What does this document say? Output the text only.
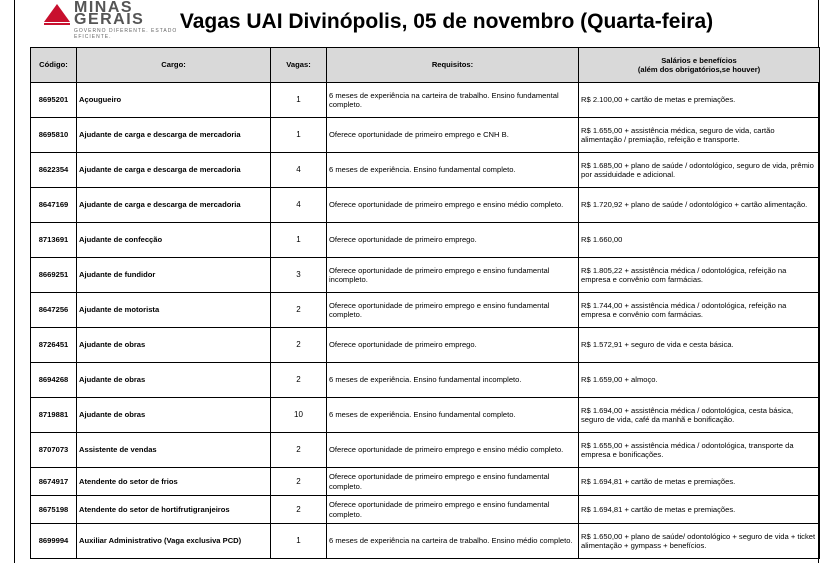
MINAS GERAIS
GOVERNO DIFERENTE. ESTADO EFICIENTE.
Vagas UAI Divinópolis, 05 de novembro (Quarta-feira)
	Código:	Cargo:	Vagas:	Requisitos:	Salários e benefícios
(além dos obrigatórios,se houver)
	8695201	Açougueiro	1	6 meses de experiência na carteira de trabalho. Ensino fundamental completo.	R$ 2.100,00 + cartão de metas e premiações.
	8695810	Ajudante de carga e descarga de mercadoria	1	Oferece oportunidade de primeiro emprego e CNH B.	R$ 1.655,00 + assistência médica, seguro de vida, cartão alimentação / premiação, refeição e transporte.
	8622354	Ajudante de carga e descarga de mercadoria	4	6 meses de experiência. Ensino fundamental completo.	R$ 1.685,00 + plano de saúde / odontológico, seguro de vida, prêmio por assiduidade e adicional.
	8647169	Ajudante de carga e descarga de mercadoria	4	Oferece oportunidade de primeiro emprego e ensino médio completo.	R$ 1.720,92 + plano de saúde / odontológico + cartão alimentação.
	8713691	Ajudante de confecção	1	Oferece oportunidade de primeiro emprego.	R$ 1.660,00
	8669251	Ajudante de fundidor	3	Oferece oportunidade de primeiro emprego e ensino fundamental incompleto.	R$ 1.805,22 + assistência médica / odontológica, refeição na empresa e convênio com farmácias.
	8647256	Ajudante de motorista	2	Oferece oportunidade de primeiro emprego e ensino fundamental completo.	R$ 1.744,00 + assistência médica / odontológica, refeição na empresa e convênio com farmácias.
	8726451	Ajudante de obras	2	Oferece oportunidade de primeiro emprego.	R$ 1.572,91 + seguro de vida e cesta básica.
	8694268	Ajudante de obras	2	6 meses de experiência. Ensino fundamental incompleto.	R$ 1.659,00 + almoço.
	8719881	Ajudante de obras	10	6 meses de experiência. Ensino fundamental completo.	R$ 1.694,00 + assistência médica / odontológica, cesta básica, seguro de vida, café da manhã e bonificação.
	8707073	Assistente de vendas	2	Oferece oportunidade de primeiro emprego e ensino médio completo.	R$ 1.655,00 + assistência médica / odontológica, transporte da empresa e bonificações.
	8674917	Atendente do setor de frios	2	Oferece oportunidade de primeiro emprego e ensino fundamental completo.	R$ 1.694,81 + cartão de metas e premiações.
	8675198	Atendente do setor de hortifrutigranjeiros	2	Oferece oportunidade de primeiro emprego e ensino fundamental completo.	R$ 1.694,81 + cartão de metas e premiações.
	8699994	Auxiliar Administrativo (Vaga exclusiva PCD)	1	6 meses de experiência na carteira de trabalho. Ensino médio completo.	R$ 1.650,00 + plano de saúde/ odontológico + seguro de vida + ticket alimentação + gympass + benefícios.
